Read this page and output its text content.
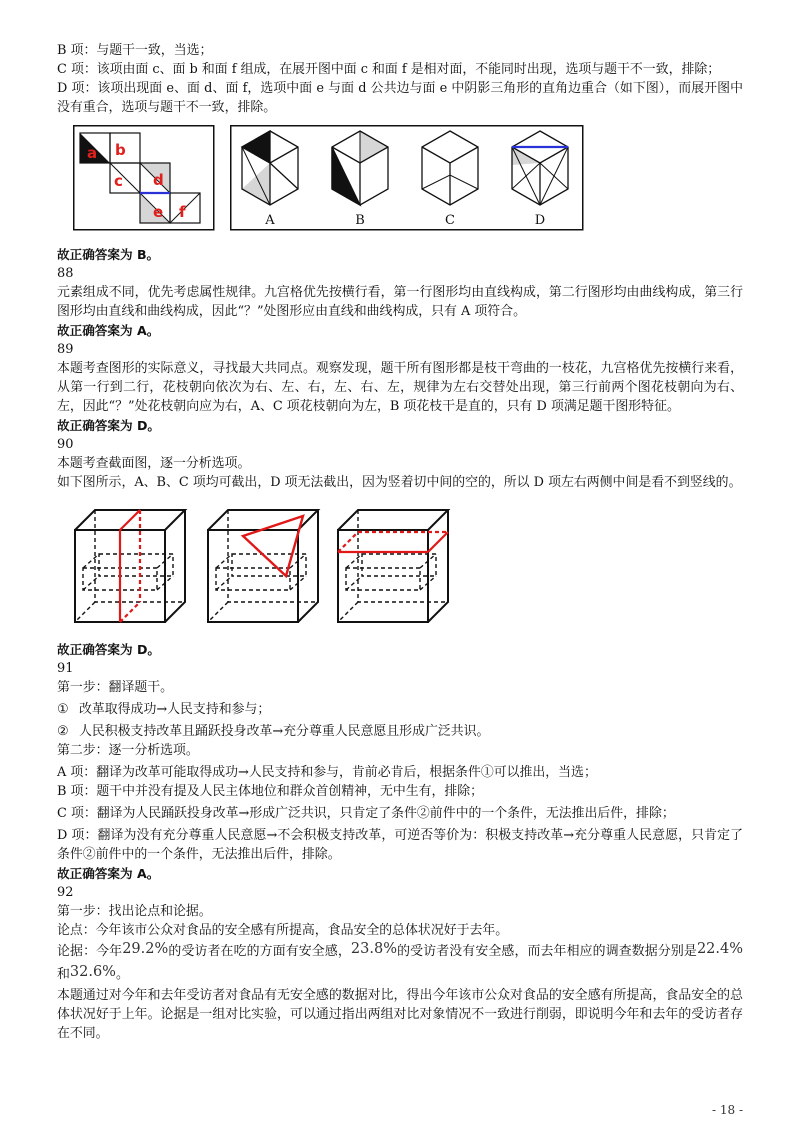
B 项：与题干一致，当选；

C 项：该项由面 c、面 b 和面 f 组成，在展开图中面 c 和面 f 是相对面，不能同时出现，选项与题干不一致，排除；

D 项：该项出现面 e、面 d、面 f，选项中面 e 与面 d 公共边与面 e 中阴影三角形的直角边重合（如下图），而展开图中没有重合，选项与题干不一致，排除。

a b
c d
e f	A	B	C	D

故正确答案为 B。

88

元素组成不同，优先考虑属性规律。九宫格优先按横行看，第一行图形均由直线构成，第二行图形均由曲线构成，第三行图形均由直线和曲线构成，因此“？”处图形应由直线和曲线构成，只有 A 项符合。

故正确答案为 A。

89

本题考查图形的实际意义，寻找最大共同点。观察发现，题干所有图形都是枝干弯曲的一枝花，九宫格优先按横行来看，从第一行到二行，花枝朝向依次为右、左、右，左、右、左，规律为左右交替处出现，第三行前两个图花枝朝向为右、左，因此“？”处花枝朝向应为右，A、C 项花枝朝向为左，B 项花枝干是直的，只有 D 项满足题干图形特征。

故正确答案为 D。

90

本题考查截面图，逐一分析选项。

如下图所示，A、B、C 项均可截出，D 项无法截出，因为竖着切中间的空的，所以 D 项左右两侧中间是看不到竖线的。

故正确答案为 D。

91

第一步：翻译题干。

① 改革取得成功→人民支持和参与；

② 人民积极支持改革且踊跃投身改革→充分尊重人民意愿且形成广泛共识。

第二步：逐一分析选项。

A 项：翻译为改革可能取得成功→人民支持和参与，肯前必肯后，根据条件①可以推出，当选；

B 项：题干中并没有提及人民主体地位和群众首创精神，无中生有，排除；

C 项：翻译为人民踊跃投身改革→形成广泛共识，只肯定了条件②前件中的一个条件，无法推出后件，排除；

D 项：翻译为没有充分尊重人民意愿→不会积极支持改革，可逆否等价为：积极支持改革→充分尊重人民意愿，只肯定了条件②前件中的一个条件，无法推出后件，排除。

故正确答案为 A。

92

第一步：找出论点和论据。

论点：今年该市公众对食品的安全感有所提高，食品安全的总体状况好于去年。

论据：今年29.2%的受访者在吃的方面有安全感，23.8%的受访者没有安全感，而去年相应的调查数据分别是22.4%和32.6%。

本题通过对今年和去年受访者对食品有无安全感的数据对比，得出今年该市公众对食品的安全感有所提高，食品安全的总体状况好于上年。论据是一组对比实验，可以通过指出两组对比对象情况不一致进行削弱，即说明今年和去年的受访者存在不同。

- 18 -
